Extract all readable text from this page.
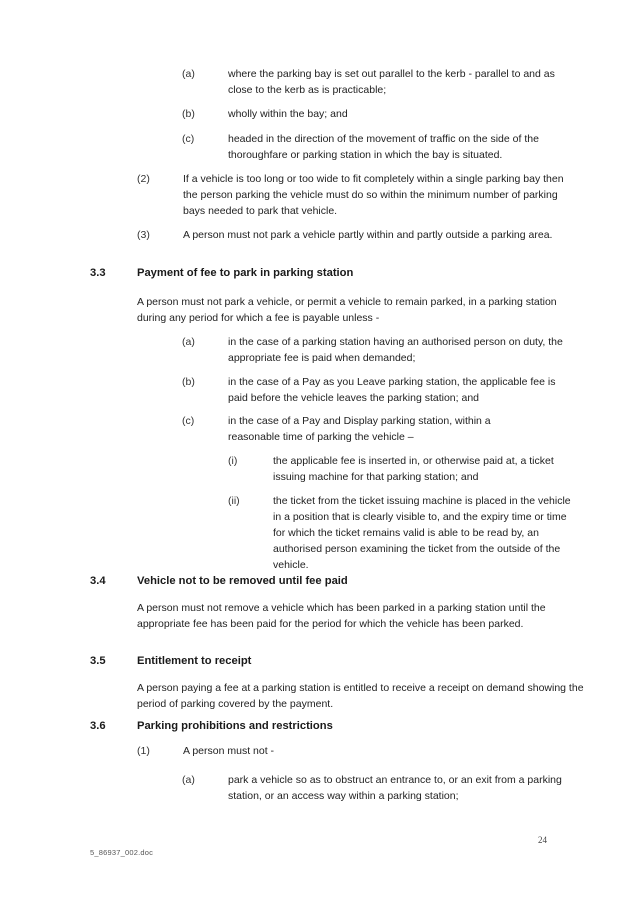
(a)	where the parking bay is set out parallel to the kerb - parallel to and as close to the kerb as is practicable;
(b)	wholly within the bay; and
(c)	headed in the direction of the movement of traffic on the side of the thoroughfare or parking station in which the bay is situated.
(2)	If a vehicle is too long or too wide to fit completely within a single parking bay then the person parking the vehicle must do so within the minimum number of parking bays needed to park that vehicle.
(3)	A person must not park a vehicle partly within and partly outside a parking area.
3.3	Payment of fee to park in parking station
A person must not park a vehicle, or permit a vehicle to remain parked, in a parking station during any period for which a fee is payable unless -
(a)	in the case of a parking station having an authorised person on duty, the appropriate fee is paid when demanded;
(b)	in the case of a Pay as you Leave parking station, the applicable fee is paid before the vehicle leaves the parking station; and
(c)	in the case of a Pay and Display parking station, within a reasonable time of parking the vehicle –
(i)	the applicable fee is inserted in, or otherwise paid at, a ticket issuing machine for that parking station; and
(ii)	the ticket from the ticket issuing machine is placed in the vehicle in a position that is clearly visible to, and the expiry time or time for which the ticket remains valid is able to be read by, an authorised person examining the ticket from the outside of the vehicle.
3.4	Vehicle not to be removed until fee paid
A person must not remove a vehicle which has been parked in a parking station until the appropriate fee has been paid for the period for which the vehicle has been parked.
3.5	Entitlement to receipt
A person paying a fee at a parking station is entitled to receive a receipt on demand showing the period of parking covered by the payment.
3.6	Parking prohibitions and restrictions
(1)	A person must not -
(a)	park a vehicle so as to obstruct an entrance to, or an exit from a parking station, or an access way within a parking station;
24
5_86937_002.doc
